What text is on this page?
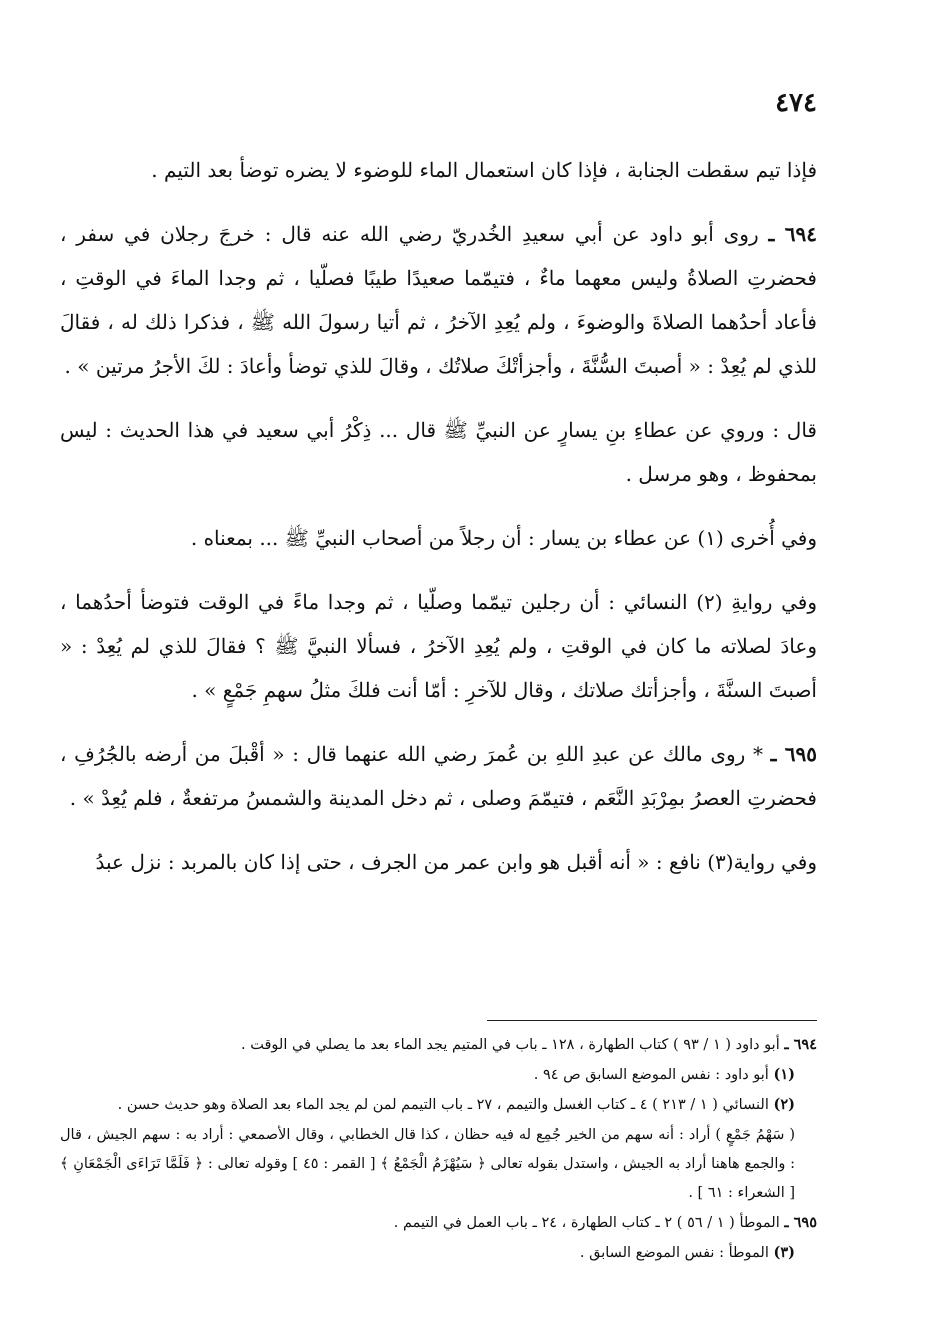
٤٧٤

فإذا تيم سقطت الجنابة ، فإذا كان استعمال الماء للوضوء لا يضره توضأ بعد التيم .

٦٩٤ ـ روى أبو داود عن أبي سعيدِ الخُدريّ رضي الله عنه قال : خرجَ رجلان في سفر ، فحضرتِ الصلاةُ وليس معهما ماءٌ ، فتيمّما صعيدًا طيبًا فصلّيا ، ثم وجدا الماءَ في الوقتِ ، فأعاد أحدُهما الصلاةَ والوضوءَ ، ولم يُعِدِ الآخرُ ، ثم أتيا رسولَ الله ﷺ ، فذكرا ذلك له ، فقالَ للذي لم يُعِدْ : « أصبتَ السُّنَّةَ ، وأجزأتْكَ صلاتُك ، وقالَ للذي توضأ وأعادَ : لكَ الأجرُ مرتين » .

قال : وروي عن عطاءِ بنِ يسارٍ عن النبيِّ ﷺ قال ... ذِكْرُ أبي سعيد في هذا الحديث : ليس بمحفوظ ، وهو مرسل .

وفي أُخرى (١) عن عطاء بن يسار : أن رجلاً من أصحاب النبيِّ ﷺ ... بمعناه .

وفي روايةِ (٢) النسائي : أن رجلين تيمّما وصلّيا ، ثم وجدا ماءً في الوقت فتوضأ أحدُهما ، وعادَ لصلاته ما كان في الوقتِ ، ولم يُعِدِ الآخرُ ، فسألا النبيَّ ﷺ ؟ فقالَ للذي لم يُعِدْ : « أصبتَ السنَّةَ ، وأجزأتك صلاتك ، وقال للآخرِ : أمّا أنت فلكَ مثلُ سهمِ جَمْعٍ » .

٦٩٥ ـ * روى مالك عن عبدِ اللهِ بن عُمرَ رضي الله عنهما قال : « أقْبلَ من أرضه بالجُرُفِ ، فحضرتِ العصرُ بمِرْبَدِ النَّعَم ، فتيمّمَ وصلى ، ثم دخل المدينة والشمسُ مرتفعةٌ ، فلم يُعِدْ » .

وفي رواية(٣) نافع : « أنه أقبل هو وابن عمر من الجرف ، حتى إذا كان بالمربد : نزل عبدُ

٦٩٤ ـ أبو داود ( ١ / ٩٣ ) كتاب الطهارة ، ١٢٨ ـ باب في المتيم يجد الماء بعد ما يصلي في الوقت .

(١) أبو داود : نفس الموضع السابق ص ٩٤ .

(٢) النسائي ( ١ / ٢١٣ ) ٤ ـ كتاب الغسل والتيمم ، ٢٧ ـ باب التيمم لمن لم يجد الماء بعد الصلاة وهو حديث حسن .

( سَهْمُ جَمْعٍ ) أراد : أنه سهم من الخير جُمِع له فيه حظان ، كذا قال الخطابي ، وقال الأصمعي : أراد به : سهم الجيش ، قال : والجمع هاهنا أراد به الجيش ، واستدل بقوله تعالى ﴿ سَيُهْزَمُ الْجَمْعُ ﴾ [ القمر : ٤٥ ] وقوله تعالى : ﴿ فَلَمَّا تَرَاءَى الْجَمْعَانِ ﴾ [ الشعراء : ٦١ ] .

٦٩٥ ـ الموطأ ( ١ / ٥٦ ) ٢ ـ كتاب الطهارة ، ٢٤ ـ باب العمل في التيمم .

(٣) الموطأ : نفس الموضع السابق .
